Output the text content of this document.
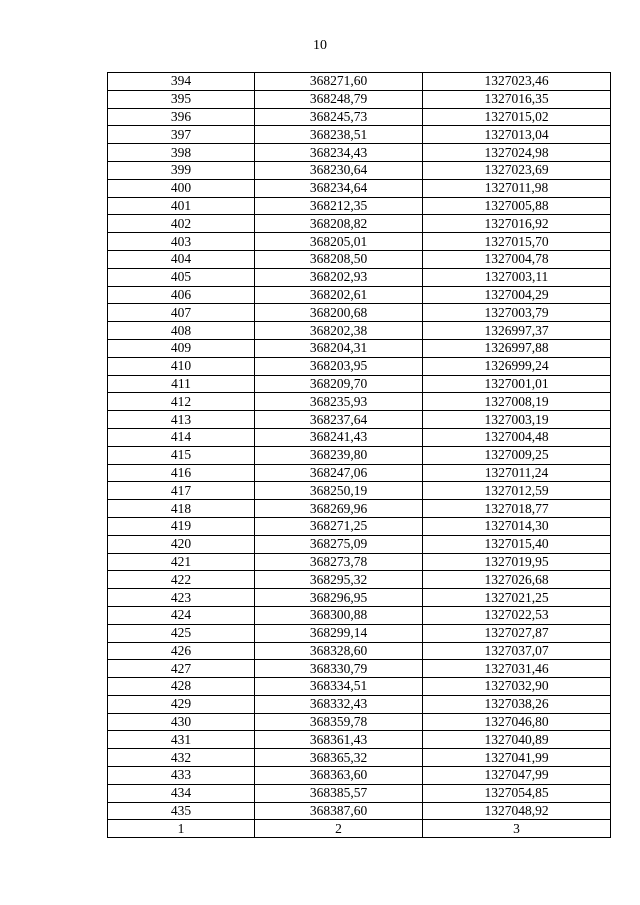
10
394	368271,60	1327023,46
395	368248,79	1327016,35
396	368245,73	1327015,02
397	368238,51	1327013,04
398	368234,43	1327024,98
399	368230,64	1327023,69
400	368234,64	1327011,98
401	368212,35	1327005,88
402	368208,82	1327016,92
403	368205,01	1327015,70
404	368208,50	1327004,78
405	368202,93	1327003,11
406	368202,61	1327004,29
407	368200,68	1327003,79
408	368202,38	1326997,37
409	368204,31	1326997,88
410	368203,95	1326999,24
411	368209,70	1327001,01
412	368235,93	1327008,19
413	368237,64	1327003,19
414	368241,43	1327004,48
415	368239,80	1327009,25
416	368247,06	1327011,24
417	368250,19	1327012,59
418	368269,96	1327018,77
419	368271,25	1327014,30
420	368275,09	1327015,40
421	368273,78	1327019,95
422	368295,32	1327026,68
423	368296,95	1327021,25
424	368300,88	1327022,53
425	368299,14	1327027,87
426	368328,60	1327037,07
427	368330,79	1327031,46
428	368334,51	1327032,90
429	368332,43	1327038,26
430	368359,78	1327046,80
431	368361,43	1327040,89
432	368365,32	1327041,99
433	368363,60	1327047,99
434	368385,57	1327054,85
435	368387,60	1327048,92
1	2	3
